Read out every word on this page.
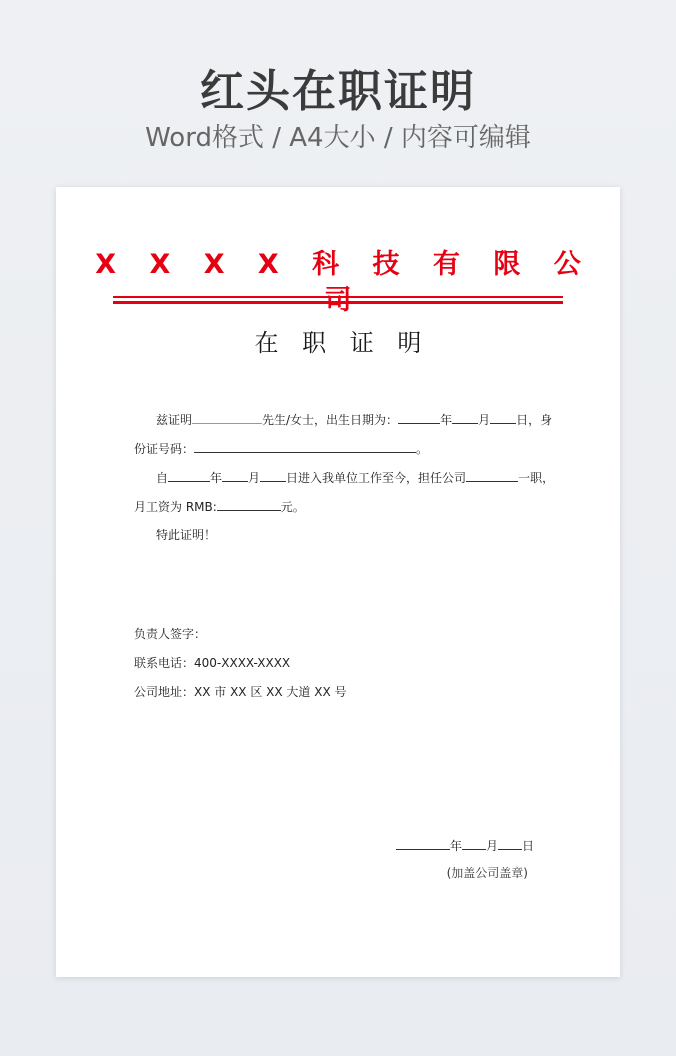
红头在职证明
Word格式 / A4大小 / 内容可编辑
X X X X 科 技 有 限 公
在 职 证 明
兹证明	先生/女士，出生日期为：	年 月 日，身
份证号码：	。
自	年 月 日进入我单位工作至今，担任公司	一职，
月工资为 RMB:	元。
特此证明！
负责人签字：
联系电话：400-XXXX-XXXX
公司地址：XX 市 XX 区 XX 大道 XX 号
年 月 日
(加盖公司盖章)
